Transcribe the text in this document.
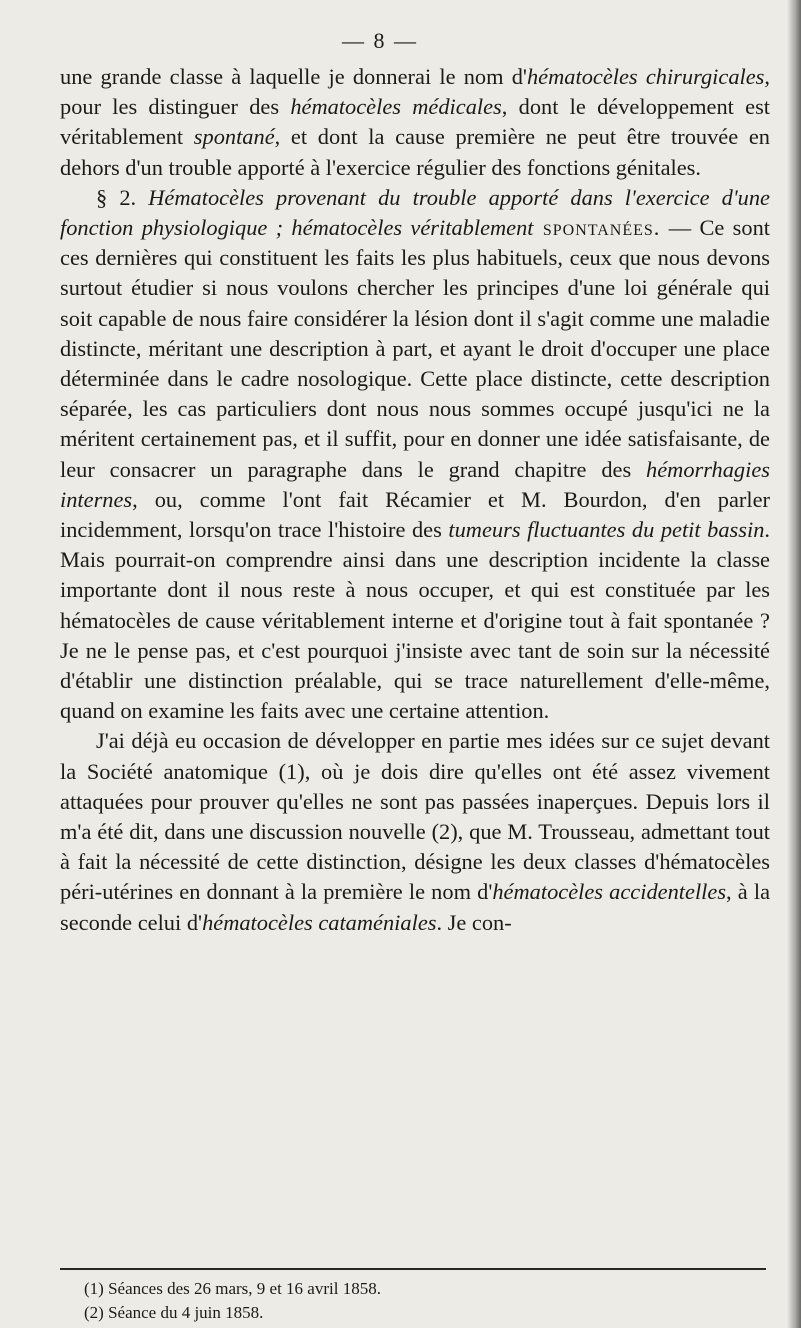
— 8 —

une grande classe à laquelle je donnerai le nom d'hématocèles chirurgicales, pour les distinguer des hématocèles médicales, dont le développement est véritablement spontané, et dont la cause première ne peut être trouvée en dehors d'un trouble apporté à l'exercice régulier des fonctions génitales.

§ 2. Hématocèles provenant du trouble apporté dans l'exercice d'une fonction physiologique ; hématocèles véritablement spontanées. — Ce sont ces dernières qui constituent les faits les plus habituels, ceux que nous devons surtout étudier si nous voulons chercher les principes d'une loi générale qui soit capable de nous faire considérer la lésion dont il s'agit comme une maladie distincte, méritant une description à part, et ayant le droit d'occuper une place déterminée dans le cadre nosologique. Cette place distincte, cette description séparée, les cas particuliers dont nous nous sommes occupé jusqu'ici ne la méritent certainement pas, et il suffit, pour en donner une idée satisfaisante, de leur consacrer un paragraphe dans le grand chapitre des hémorrhagies internes, ou, comme l'ont fait Récamier et M. Bourdon, d'en parler incidemment, lorsqu'on trace l'histoire des tumeurs fluctuantes du petit bassin. Mais pourrait-on comprendre ainsi dans une description incidente la classe importante dont il nous reste à nous occuper, et qui est constituée par les hématocèles de cause véritablement interne et d'origine tout à fait spontanée ? Je ne le pense pas, et c'est pourquoi j'insiste avec tant de soin sur la nécessité d'établir une distinction préalable, qui se trace naturellement d'elle-même, quand on examine les faits avec une certaine attention.

J'ai déjà eu occasion de développer en partie mes idées sur ce sujet devant la Société anatomique (1), où je dois dire qu'elles ont été assez vivement attaquées pour prouver qu'elles ne sont pas passées inaperçues. Depuis lors il m'a été dit, dans une discussion nouvelle (2), que M. Trousseau, admettant tout à fait la nécessité de cette distinction, désigne les deux classes d'hématocèles péri-utérines en donnant à la première le nom d'hématocèles accidentelles, à la seconde celui d'hématocèles cataméniales. Je con-

(1) Séances des 26 mars, 9 et 16 avril 1858.

(2) Séance du 4 juin 1858.
